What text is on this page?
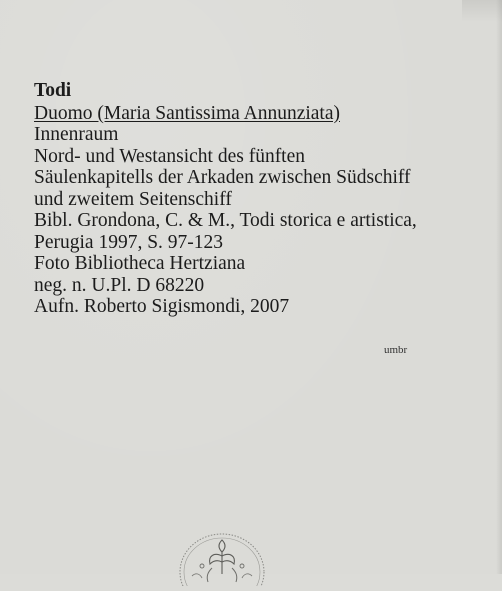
Todi
Duomo (Maria Santissima Annunziata)
Innenraum
Nord- und Westansicht des fünften
Säulenkapitells der Arkaden zwischen Südschiff
und zweitem Seitenschiff
Bibl. Grondona, C. & M., Todi storica e artistica,
Perugia 1997, S. 97-123
Foto Bibliotheca Hertziana
neg. n. U.Pl. D 68220
Aufn. Roberto Sigismondi, 2007
umbr
